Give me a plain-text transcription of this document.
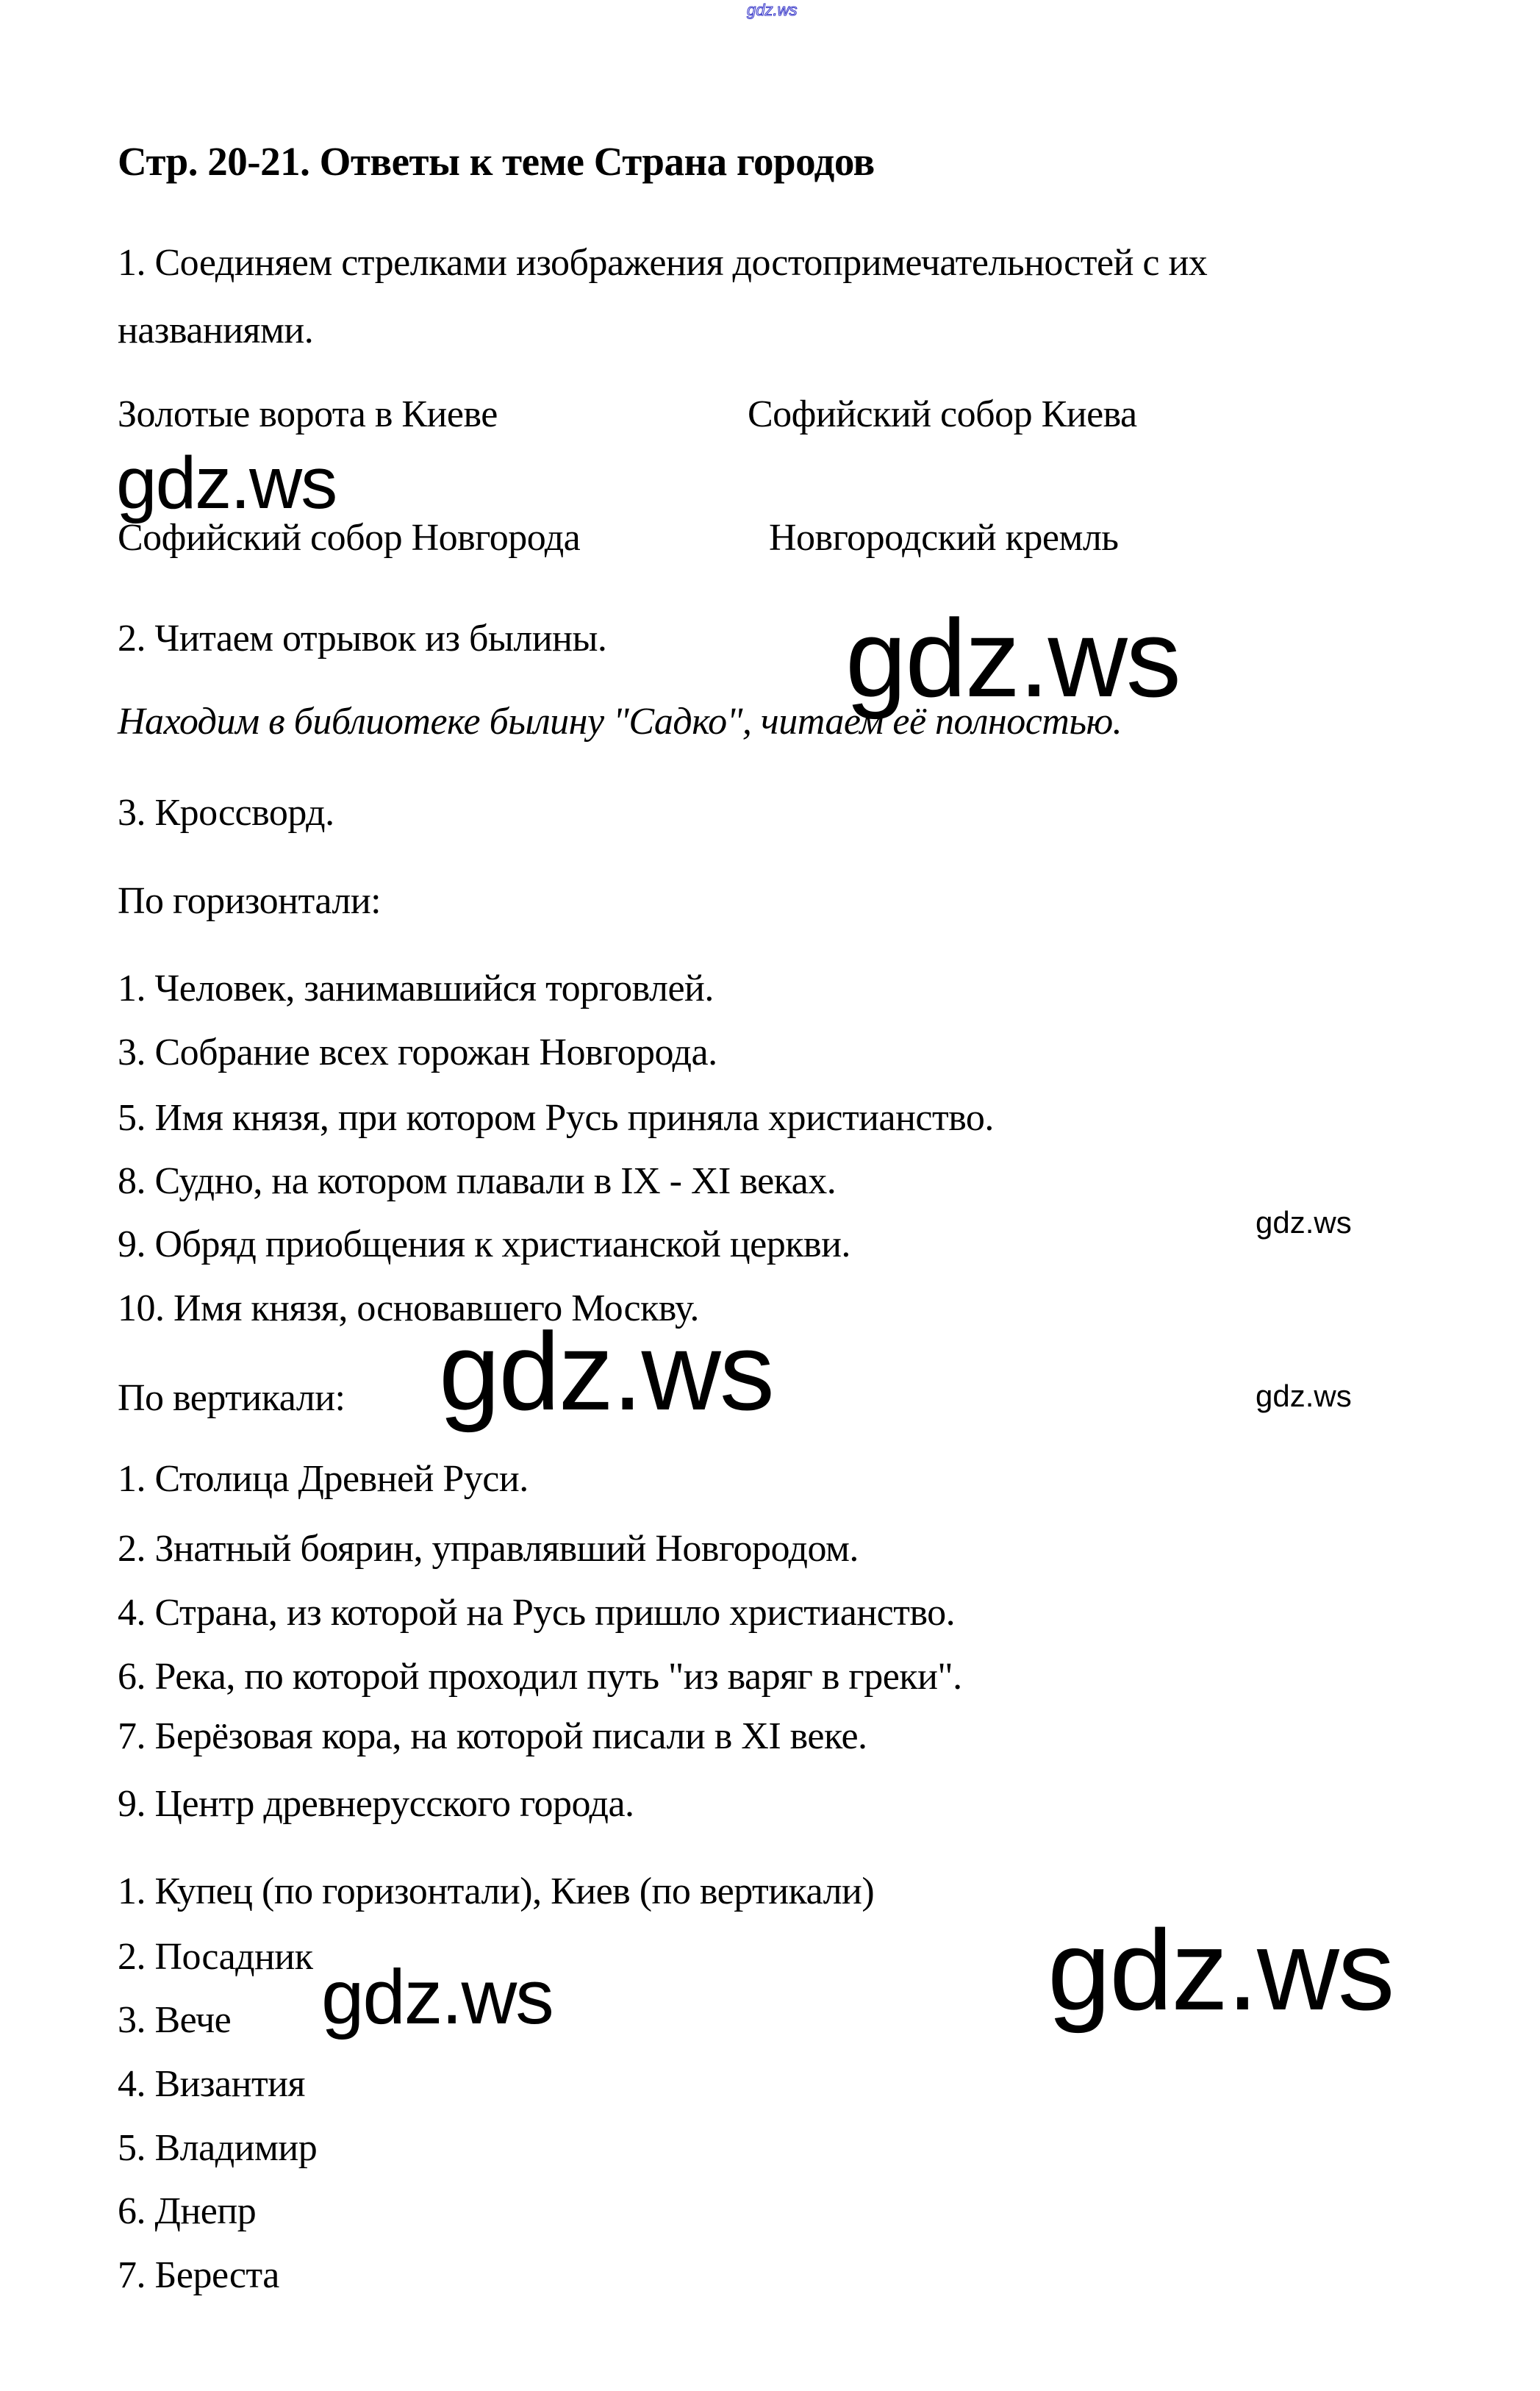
gdz.ws
Стр. 20-21. Ответы к теме Страна городов
1. Соединяем стрелками изображения достопримечательностей с их
названиями.
Золотые ворота в Киеве	Софийский собор Киева
gdz.ws
Софийский собор Новгорода	Новгородский кремль
2. Читаем отрывок из былины. gdz.ws
Находим в библиотеке былину "Садко", читаем её полностью.
3. Кроссворд.
По горизонтали:
1. Человек, занимавшийся торговлей.
3. Собрание всех горожан Новгорода.
5. Имя князя, при котором Русь приняла христианство.
8. Судно, на котором плавали в IX - XI веках.
9. Обряд приобщения к христианской церкви.
10. Имя князя, основавшего Москву.
gdz.ws
По вертикали: gdz.ws	gdz.ws
1. Столица Древней Руси.
2. Знатный боярин, управлявший Новгородом.
4. Страна, из которой на Русь пришло христианство.
6. Река, по которой проходил путь "из варяг в греки".
7. Берёзовая кора, на которой писали в XI веке.
9. Центр древнерусского города.
1. Купец (по горизонтали), Киев (по вертикали)
2. Посадник
3. Вече
4. Византия
5. Владимир
6. Днепр
7. Береста
gdz.ws	gdz.ws
